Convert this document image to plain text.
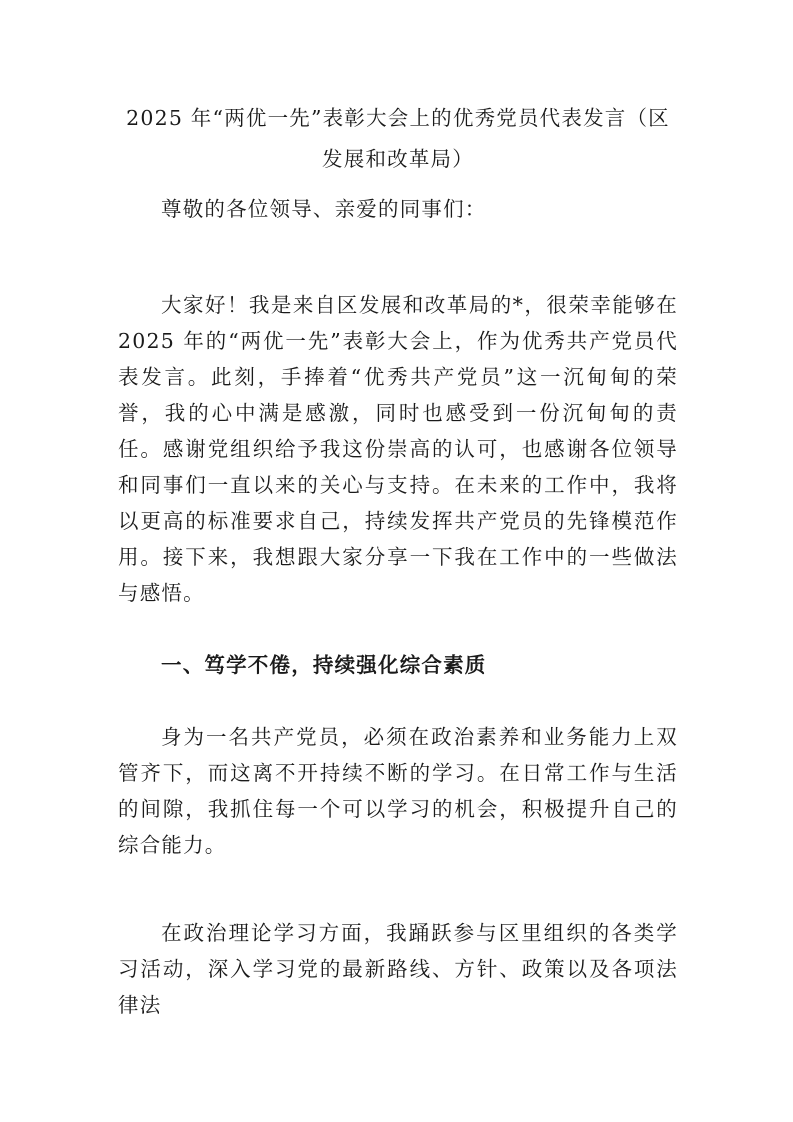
2025 年“两优一先”表彰大会上的优秀党员代表发言（区发展和改革局）

尊敬的各位领导、亲爱的同事们：

大家好！我是来自区发展和改革局的*，很荣幸能够在 2025 年的“两优一先”表彰大会上，作为优秀共产党员代表发言。此刻，手捧着“优秀共产党员”这一沉甸甸的荣誉，我的心中满是感激，同时也感受到一份沉甸甸的责任。感谢党组织给予我这份崇高的认可，也感谢各位领导和同事们一直以来的关心与支持。在未来的工作中，我将以更高的标准要求自己，持续发挥共产党员的先锋模范作用。接下来，我想跟大家分享一下我在工作中的一些做法与感悟。

一、笃学不倦，持续强化综合素质

身为一名共产党员，必须在政治素养和业务能力上双管齐下，而这离不开持续不断的学习。在日常工作与生活的间隙，我抓住每一个可以学习的机会，积极提升自己的综合能力。

在政治理论学习方面，我踊跃参与区里组织的各类学习活动，深入学习党的最新路线、方针、政策以及各项法律法
